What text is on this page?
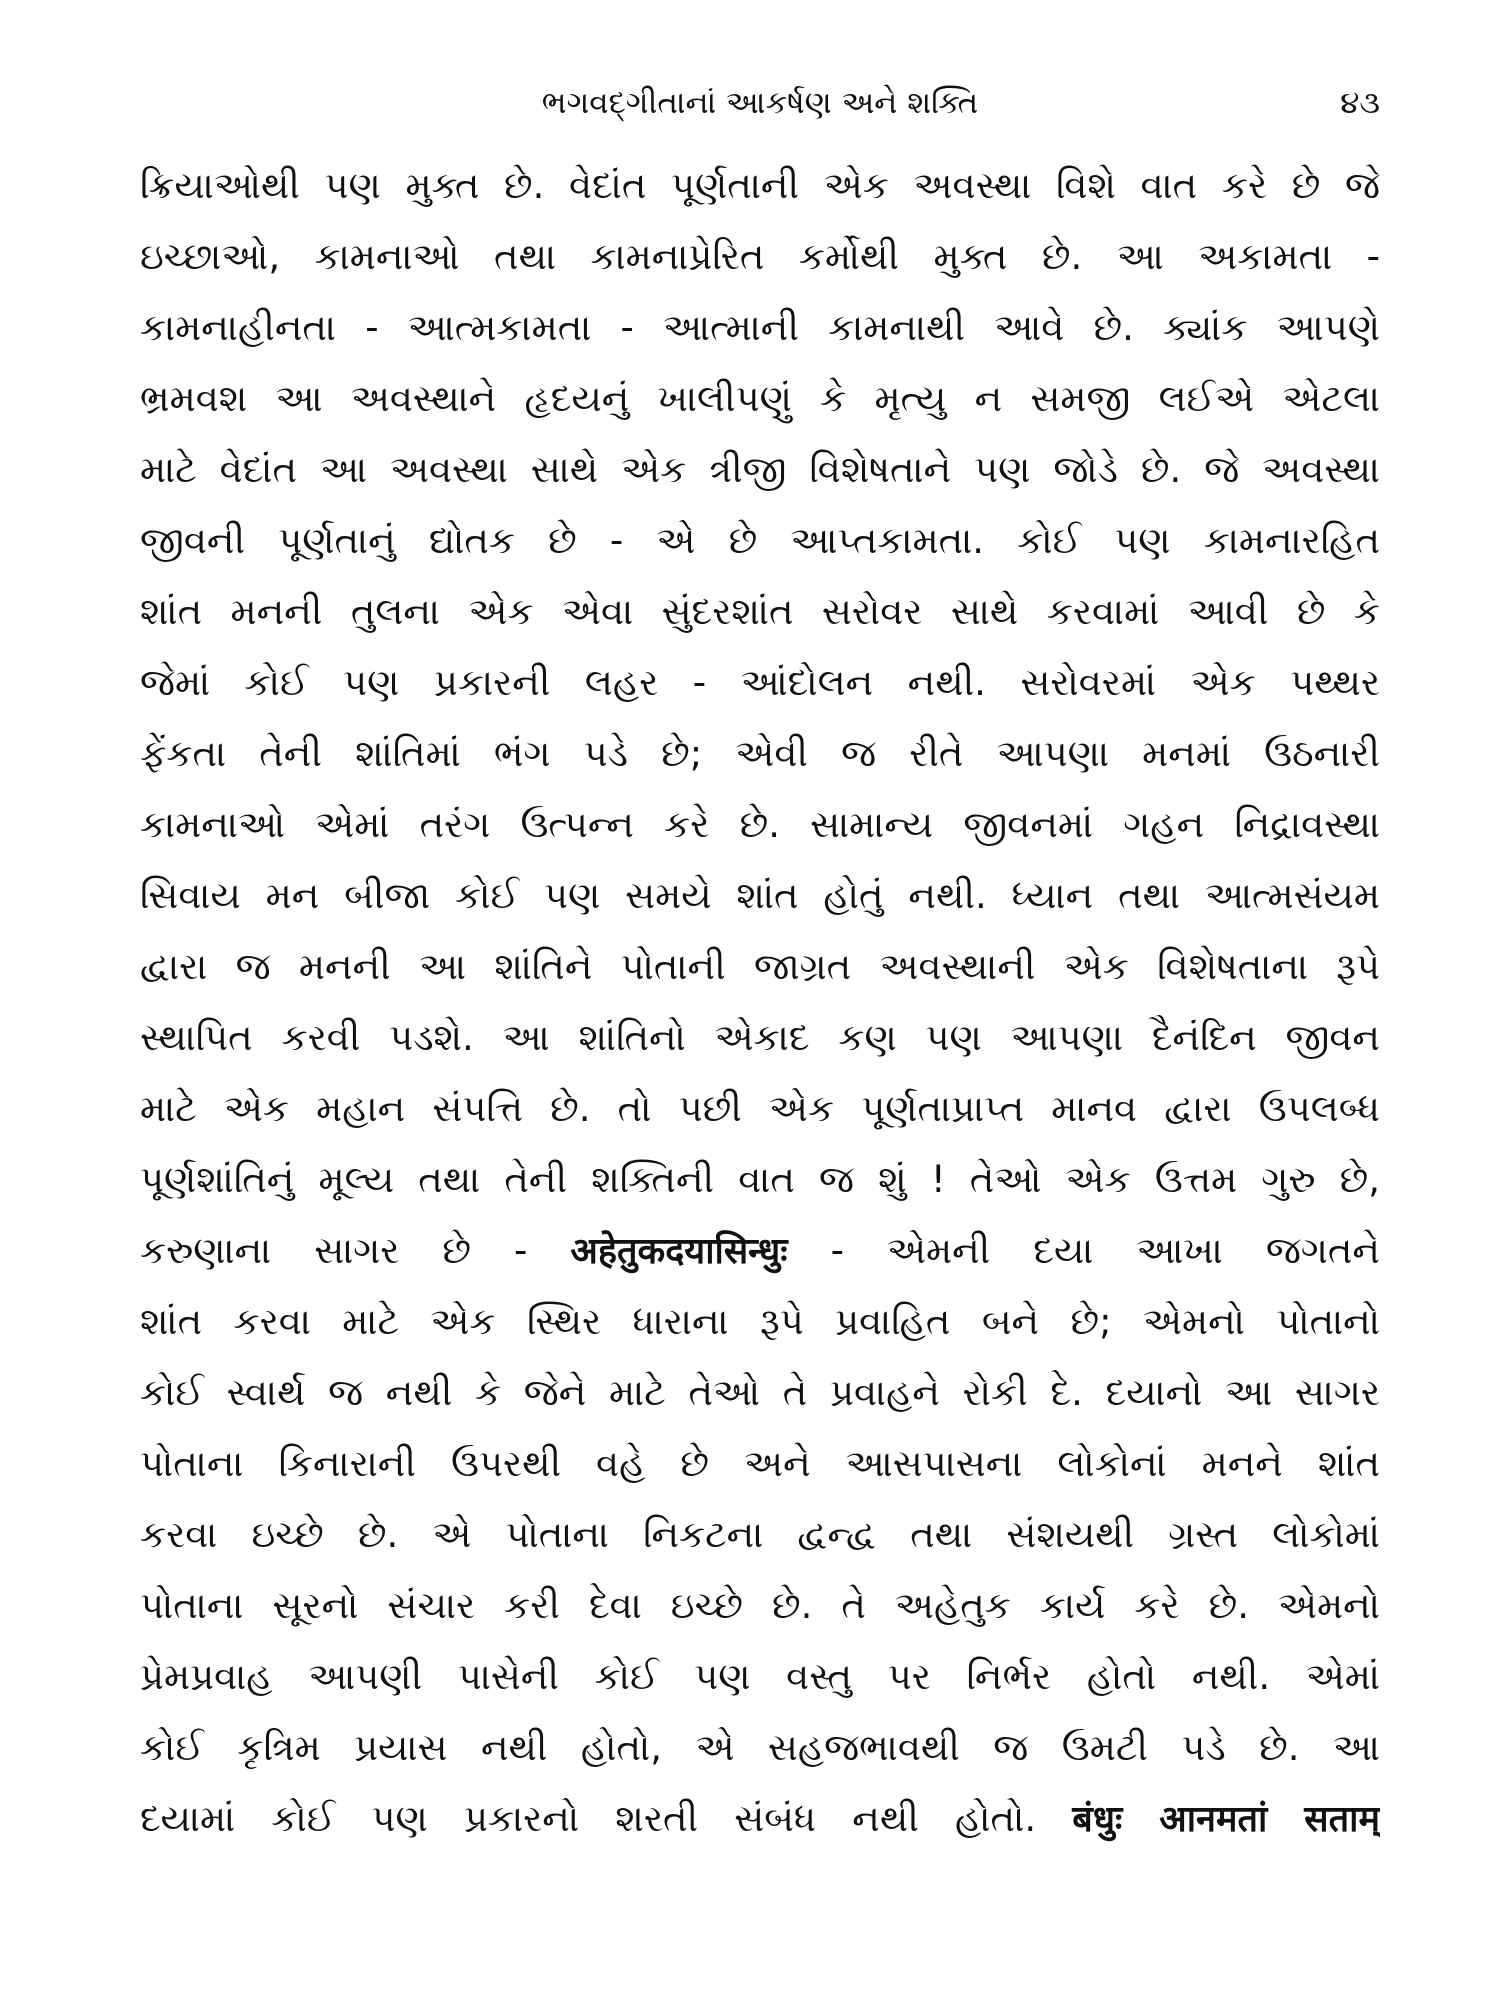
ભગવદ્ગીતાનાં આકર્ષણ અને શક્તિ	૪૩
ક્રિયાઓથી પણ મુક્ત છે. વેદાંત પૂર્ણતાની એક અવસ્થા વિશે વાત કરે છે જે
ઇચ્છાઓ, કામનાઓ તથા કામનાપ્રેરિત કર્મોથી મુક્ત છે. આ અકામતા -
કામનાહીનતા - આત્મકામતા - આત્માની કામનાથી આવે છે. ક્યાંક આપણે
ભ્રમવશ આ અવસ્થાને હૃદયનું ખાલીપણું કે મૃત્યુ ન સમજી લઈએ એટલા
માટે વેદાંત આ અવસ્થા સાથે એક ત્રીજી વિશેષતાને પણ જોડે છે. જે અવસ્થા
જીવની પૂર્ણતાનું દ્યોતક છે - એ છે આપ્તકામતા. કોઈ પણ કામનારહિત
શાંત મનની તુલના એક એવા સુંદરશાંત સરોવર સાથે કરવામાં આવી છે કે
જેમાં કોઈ પણ પ્રકારની લહર - આંદોલન નથી. સરોવરમાં એક પથ્થર
ફેંકતા તેની શાંતિમાં ભંગ પડે છે; એવી જ રીતે આપણા મનમાં ઉઠનારી
કામનાઓ એમાં તરંગ ઉત્પન્ન કરે છે. સામાન્ય જીવનમાં ગહન નિદ્રાવસ્થા
સિવાય મન બીજા કોઈ પણ સમયે શાંત હોતું નથી. ધ્યાન તથા આત્મસંયમ
દ્વારા જ મનની આ શાંતિને પોતાની જાગ્રત અવસ્થાની એક વિશેષતાના રૂપે
સ્થાપિત કરવી પડશે. આ શાંતિનો એકાદ કણ પણ આપણા દૈનંદિન જીવન
માટે એક મહાન સંપત્તિ છે. તો પછી એક પૂર્ણતાપ્રાપ્ત માનવ દ્વારા ઉપલબ્ધ
પૂર્ણશાંતિનું મૂલ્ય તથા તેની શક્તિની વાત જ શું ! તેઓ એક ઉત્તમ ગુરુ છે,
કરુણાના સાગર છે - अहेतुकदयासिन्धुः - એમની દયા આખા જગતને
શાંત કરવા માટે એક સ્થિર ધારાના રૂપે પ્રવાહિત બને છે; એમનો પોતાનો
કોઈ સ્વાર્થ જ નથી કે જેને માટે તેઓ તે પ્રવાહને રોકી દે. દયાનો આ સાગર
પોતાના કિનારાની ઉપરથી વહે છે અને આસપાસના લોકોનાં મનને શાંત
કરવા ઇચ્છે છે. એ પોતાના નિકટના દ્વન્દ્વ તથા સંશયથી ગ્રસ્ત લોકોમાં
પોતાના સૂરનો સંચાર કરી દેવા ઇચ્છે છે. તે અહેતુક કાર્ય કરે છે. એમનો
પ્રેમપ્રવાહ આપણી પાસેની કોઈ પણ વસ્તુ પર નિર્ભર હોતો નથી. એમાં
કોઈ કૃત્રિમ પ્રયાસ નથી હોતો, એ સહજભાવથી જ ઉમટી પડે છે. આ
દયામાં કોઈ પણ પ્રકારનો શરતી સંબંધ નથી હોતો. बंधुः आनमतां सताम्
